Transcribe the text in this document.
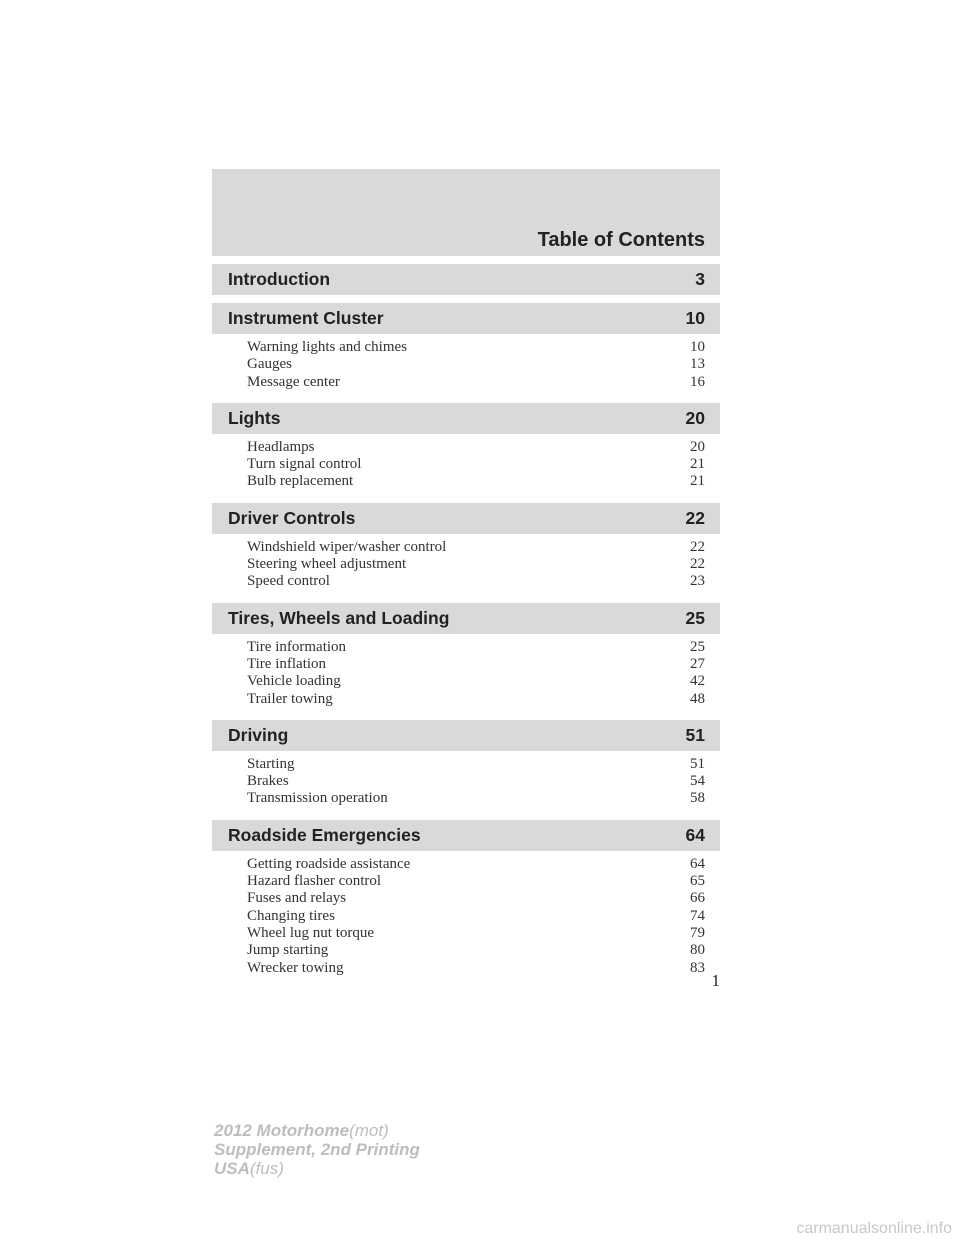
Table of Contents
Introduction	3
Instrument Cluster	10
Warning lights and chimes	10
Gauges	13
Message center	16
Lights	20
Headlamps	20
Turn signal control	21
Bulb replacement	21
Driver Controls	22
Windshield wiper/washer control	22
Steering wheel adjustment	22
Speed control	23
Tires, Wheels and Loading	25
Tire information	25
Tire inflation	27
Vehicle loading	42
Trailer towing	48
Driving	51
Starting	51
Brakes	54
Transmission operation	58
Roadside Emergencies	64
Getting roadside assistance	64
Hazard flasher control	65
Fuses and relays	66
Changing tires	74
Wheel lug nut torque	79
Jump starting	80
Wrecker towing	83
1
2012 Motorhome(mot)
Supplement, 2nd Printing
USA(fus)
carmanualsonline.info
